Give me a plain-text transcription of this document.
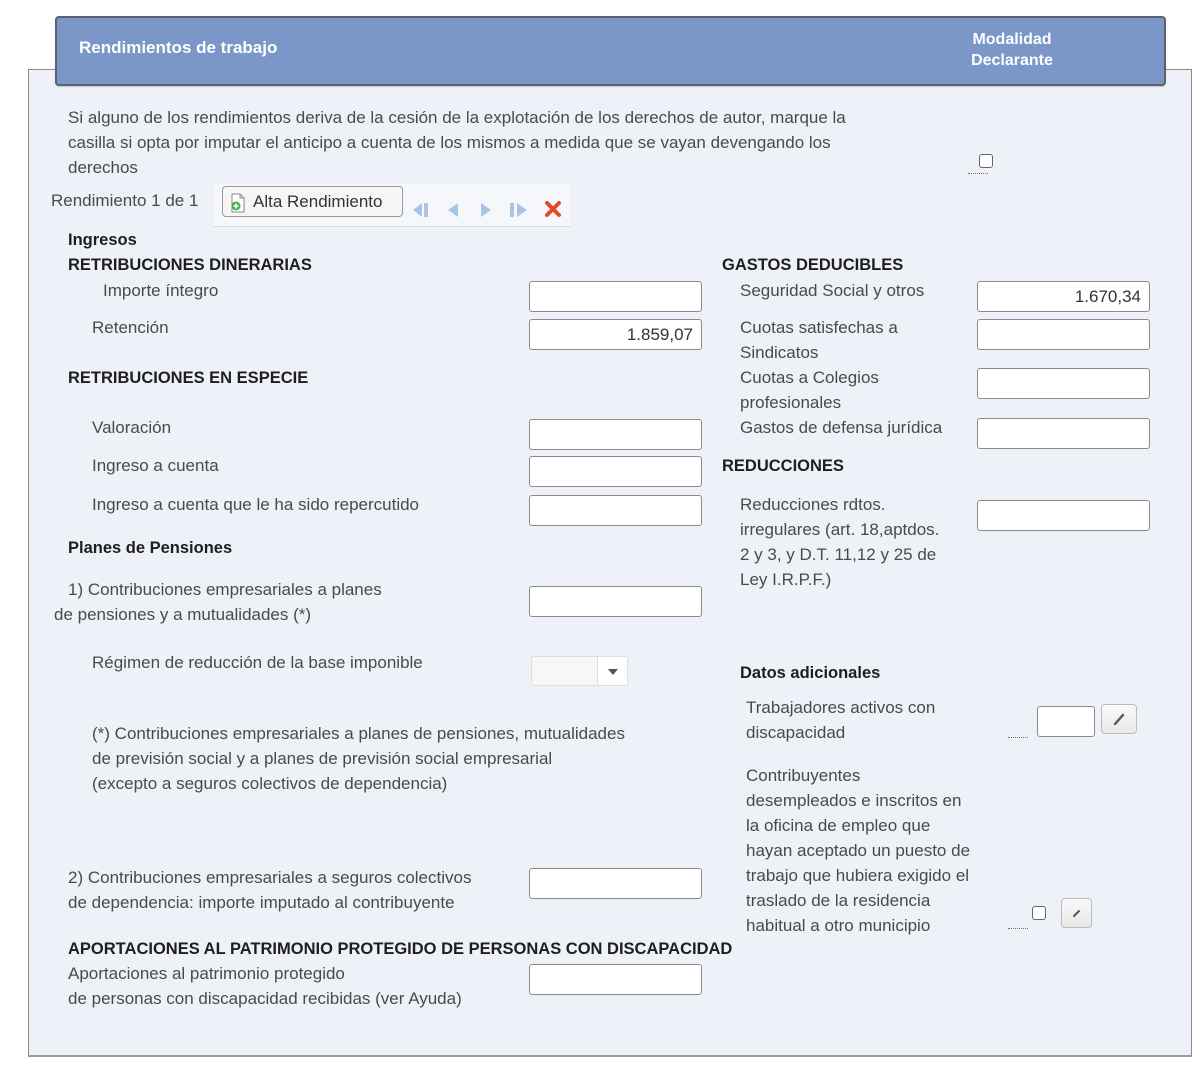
Rendimientos de trabajo	Modalidad
Declarante
Si alguno de los rendimientos deriva de la cesión de la explotación de los derechos de autor, marque la
casilla si opta por imputar el anticipo a cuenta de los mismos a medida que se vayan devengando los
derechos
Rendimiento 1 de 1	Alta Rendimiento
Ingresos
RETRIBUCIONES DINERARIAS
Importe íntegro
Retención
1.859,07
RETRIBUCIONES EN ESPECIE
Valoración
Ingreso a cuenta
Ingreso a cuenta que le ha sido repercutido
Planes de Pensiones
1) Contribuciones empresariales a planes
de pensiones y a mutualidades (*)
Régimen de reducción de la base imponible
(*) Contribuciones empresariales a planes de pensiones, mutualidades
de previsión social y a planes de previsión social empresarial
(excepto a seguros colectivos de dependencia)
2) Contribuciones empresariales a seguros colectivos
de dependencia: importe imputado al contribuyente
APORTACIONES AL PATRIMONIO PROTEGIDO DE PERSONAS CON DISCAPACIDAD
Aportaciones al patrimonio protegido
de personas con discapacidad recibidas (ver Ayuda)
GASTOS DEDUCIBLES
Seguridad Social y otros
1.670,34
Cuotas satisfechas a
Sindicatos
Cuotas a Colegios
profesionales
Gastos de defensa jurídica
REDUCCIONES
Reducciones rdtos.
irregulares (art. 18,aptdos.
2 y 3, y D.T. 11,12 y 25 de
Ley I.R.P.F.)
Datos adicionales
Trabajadores activos con
discapacidad
Contribuyentes
desempleados e inscritos en
la oficina de empleo que
hayan aceptado un puesto de
trabajo que hubiera exigido el
traslado de la residencia
habitual a otro municipio
